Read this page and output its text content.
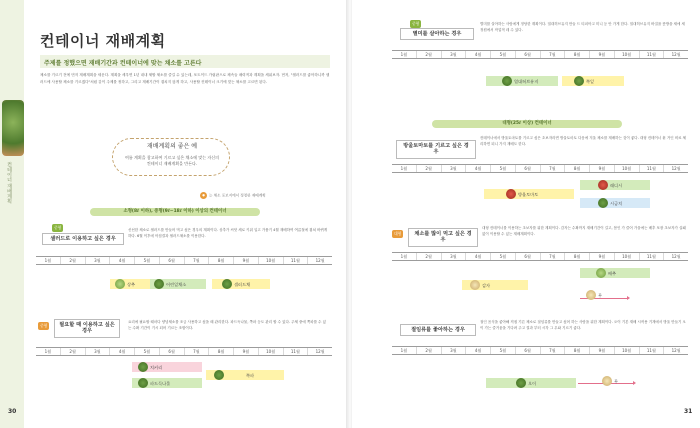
컨테이너 재배계획
컨테이너 재배계획
주제를 정했으면 재배기간과 컨테이너에 맞는 채소를 고른다
채소를 기르기 전에 먼저 재배계획을 세운다. 계획을 세우면 1년 내내 채할 채소를 즐길 수 있는데, 포트이드 가림판으로 채속들 매력적과 계획을 세워보자. 먼저, "샐러드를 좋아하니까 샐러드에 사용할 채소를 기르겠다"처럼 같이 주제를 정하고, 그리고 재배기간이 겹치지 않게 하고, 사용할 컨테이너 크기에 맞는 채소를 고르면 된다.
재배계획의 좋은 예
여름 계획을 참고하여 기르고 싶은 채소에 맞는 자신의 컨테이너 재배계획을 만든다.
● 는 채소 포보지에서 정정한 재배계획
소형(8ℓ 이하), 중형(9ℓ~18ℓ 이하) 이상의 컨테이너
중형
샐러드로 이용하고 싶은 경우
신선한 채소로 샐러드를 만들어 먹고 싶은 경우의 계획이다. 상추가 씨앗 세로 키워 입고 가뭄기 4월 재배하여 여름철에 겹쳐 바뀌게 하다. 6월 이후에 아침결과 샐러드채소를 이용한다.
1월	2월	3월	4월	5월	6월	7월	8월	9월	10월	11월	12월
상추	어린잎채소	샐러드채
중형	필요할 때 이용하고 싶은 경우
요리에 필요할 때마다 양념채소를 조금 사용하고 싶을 때 관리한다. 파드득나물, 쪽파 등도 관리 할 수 있다. 주체 중에 쪽파를 수 있는 수확 기간이 기시 되어 기르는 조합이다.
1월	2월	3월	4월	5월	6월	7월	8월	9월	10월	11월	12월
치커리
파드득나물
쪽파
30
중형
별미를 살아하는 경우
별미를 살아하는 사람에게 정당한 계획이다. 열대허브유지 만들 드 티피아고 미니 등 안 가게 한다. 열대허브유지 바질을 뜻방을 새에 세 정원에서 작업적 데 수 있다.
1월	2월	3월	4월	5월	6월	7월	8월	9월	10월	11월	12월
열대허브유지	쪽잎
대형(25ℓ 이상) 컨테이너
방울토마토를 기르고 싶은 경우
컨테이너에서 방울토마토를 기르고 싶은 초보자라면 방울토마토 다음에 겨울 채소를 재배하는 것이 좋다. 대형 컨테이너 흙 거인 비료 체리하면 되니 가지 재배도 한다.
1월	2월	3월	4월	5월	6월	7월	8월	9월	10월	11월	12월
방울토마토
래디시
시금치
대형	채소를 많이 먹고 싶은 경우
대형 컨테이너를 이용하는 초보자를 위한 계획이다. 감자는 수확까지 재배기간이 길고, 봄인 가 즐어 가을에는 배추 포장 초보자가 실패 없이 이용할 수 있는 재배계획이다.
1월	2월	3월	4월	5월	6월	7월	8월	9월	10월	11월	12월
감자
배추
무
절임류를 좋아하는 경우
절인 음식을 좋아해 직접 기른 채소로 절임류를 만들고 싶어 하는 사람을 위한 계획이다. 오이 기본 재배 시작용 기계에서 방울 만들기 오이 가는 즐거움을 기다려 주고 결과 부터 시각 그 무와 기르기 좋다.
1월	2월	3월	4월	5월	6월	7월	8월	9월	10월	11월	12월
오이	무
31
